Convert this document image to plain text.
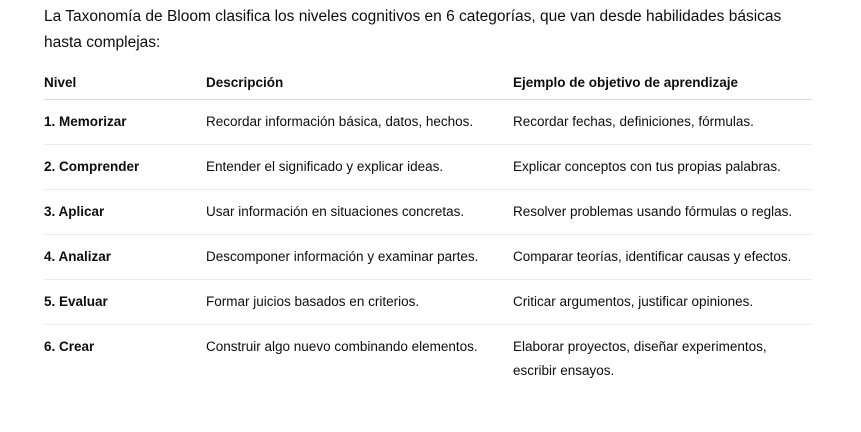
La Taxonomía de Bloom clasifica los niveles cognitivos en 6 categorías, que van desde habilidades básicas
hasta complejas:

Nivel	Descripción	Ejemplo de objetivo de aprendizaje
1. Memorizar	Recordar información básica, datos, hechos.	Recordar fechas, definiciones, fórmulas.
2. Comprender	Entender el significado y explicar ideas.	Explicar conceptos con tus propias palabras.
3. Aplicar	Usar información en situaciones concretas.	Resolver problemas usando fórmulas o reglas.
4. Analizar	Descomponer información y examinar partes.	Comparar teorías, identificar causas y efectos.
5. Evaluar	Formar juicios basados en criterios.	Criticar argumentos, justificar opiniones.
6. Crear	Construir algo nuevo combinando elementos.	Elaborar proyectos, diseñar experimentos, escribir ensayos.
